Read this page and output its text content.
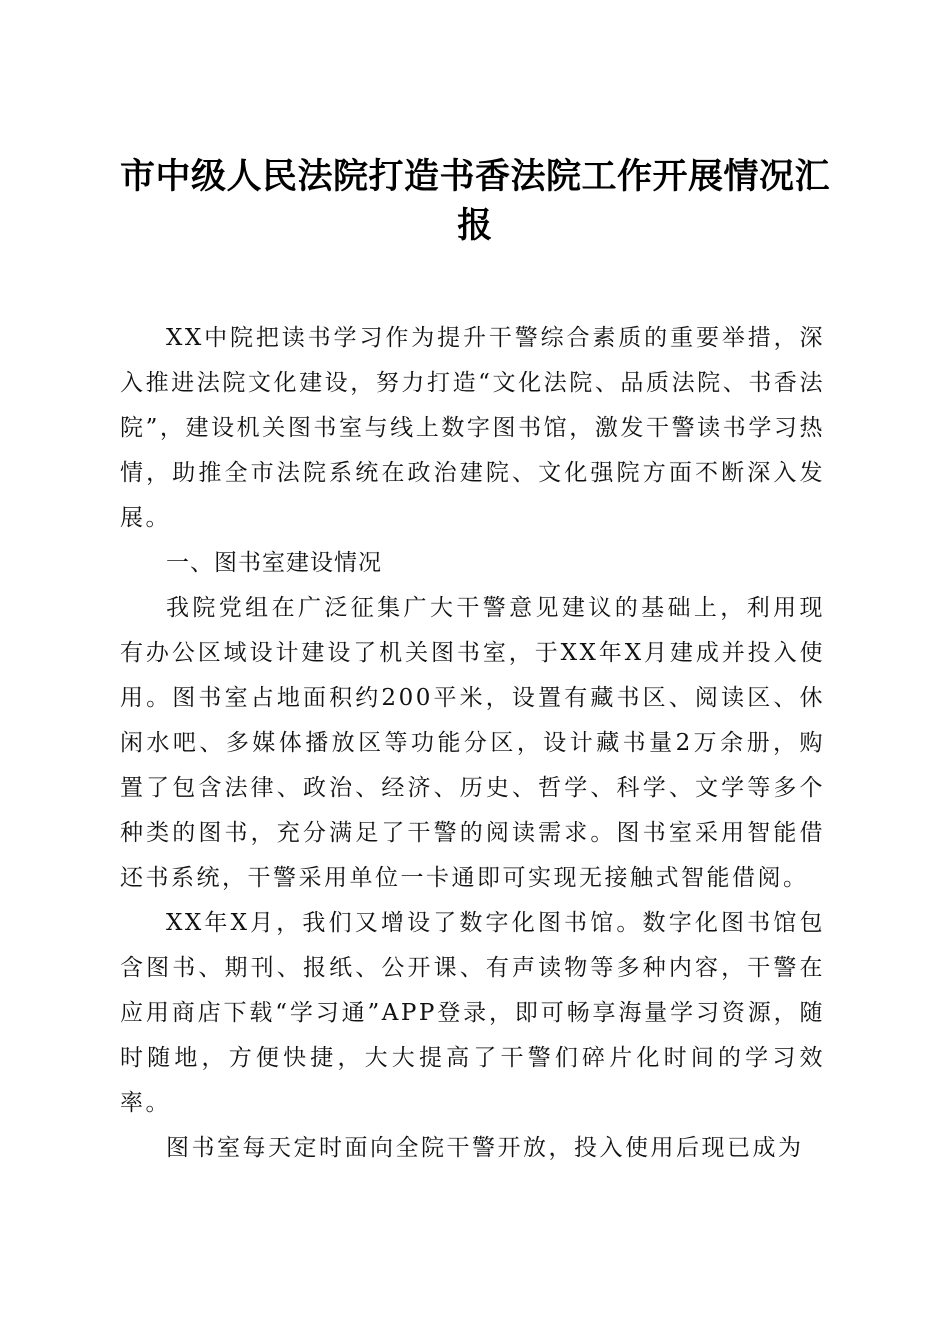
市中级人民法院打造书香法院工作开展情况汇报

XX中院把读书学习作为提升干警综合素质的重要举措，深入推进法院文化建设，努力打造“文化法院、品质法院、书香法院”，建设机关图书室与线上数字图书馆，激发干警读书学习热情，助推全市法院系统在政治建院、文化强院方面不断深入发展。

一、图书室建设情况

我院党组在广泛征集广大干警意见建议的基础上，利用现有办公区域设计建设了机关图书室，于XX年X月建成并投入使用。图书室占地面积约200平米，设置有藏书区、阅读区、休闲水吧、多媒体播放区等功能分区，设计藏书量2万余册，购置了包含法律、政治、经济、历史、哲学、科学、文学等多个种类的图书，充分满足了干警的阅读需求。图书室采用智能借还书系统，干警采用单位一卡通即可实现无接触式智能借阅。

XX年X月，我们又增设了数字化图书馆。数字化图书馆包含图书、期刊、报纸、公开课、有声读物等多种内容，干警在应用商店下载“学习通”APP登录，即可畅享海量学习资源，随时随地，方便快捷，大大提高了干警们碎片化时间的学习效率。

图书室每天定时面向全院干警开放，投入使用后现已成为
